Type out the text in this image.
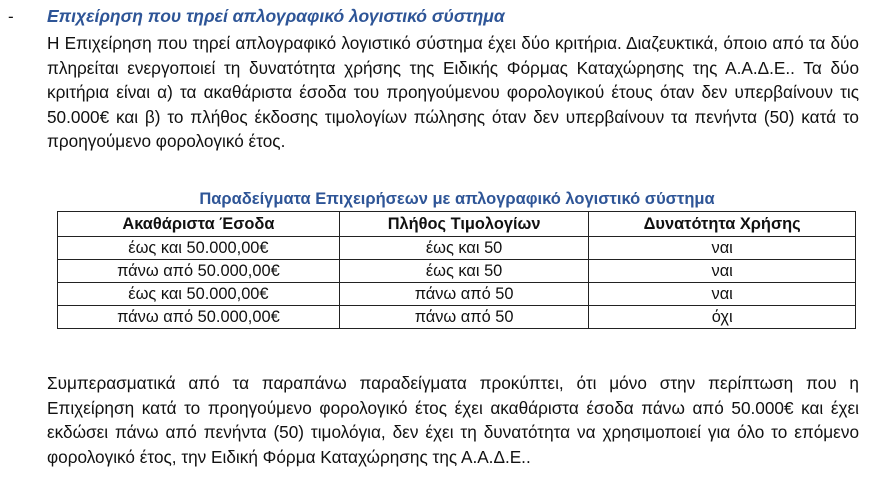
- Επιχείρηση που τηρεί απλογραφικό λογιστικό σύστημα

Η Επιχείρηση που τηρεί απλογραφικό λογιστικό σύστημα έχει δύο κριτήρια. Διαζευκτικά, όποιο από τα δύο πληρείται ενεργοποιεί τη δυνατότητα χρήσης της Ειδικής Φόρμας Καταχώρησης της Α.Α.Δ.Ε.. Τα δύο κριτήρια είναι α) τα ακαθάριστα έσοδα του προηγούμενου φορολογικού έτους όταν δεν υπερβαίνουν τις 50.000€ και β) το πλήθος έκδοσης τιμολογίων πώλησης όταν δεν υπερβαίνουν τα πενήντα (50) κατά το προηγούμενο φορολογικό έτος.

Παραδείγματα Επιχειρήσεων με απλογραφικό λογιστικό σύστημα
Ακαθάριστα Έσοδα	Πλήθος Τιμολογίων	Δυνατότητα Χρήσης
έως και 50.000,00€	έως και 50	ναι
πάνω από 50.000,00€	έως και 50	ναι
έως και 50.000,00€	πάνω από 50	ναι
πάνω από 50.000,00€	πάνω από 50	όχι

Συμπερασματικά από τα παραπάνω παραδείγματα προκύπτει, ότι μόνο στην περίπτωση που η Επιχείρηση κατά το προηγούμενο φορολογικό έτος έχει ακαθάριστα έσοδα πάνω από 50.000€ και έχει εκδώσει πάνω από πενήντα (50) τιμολόγια, δεν έχει τη δυνατότητα να χρησιμοποιεί για όλο το επόμενο φορολογικό έτος, την Ειδική Φόρμα Καταχώρησης της Α.Α.Δ.Ε..
